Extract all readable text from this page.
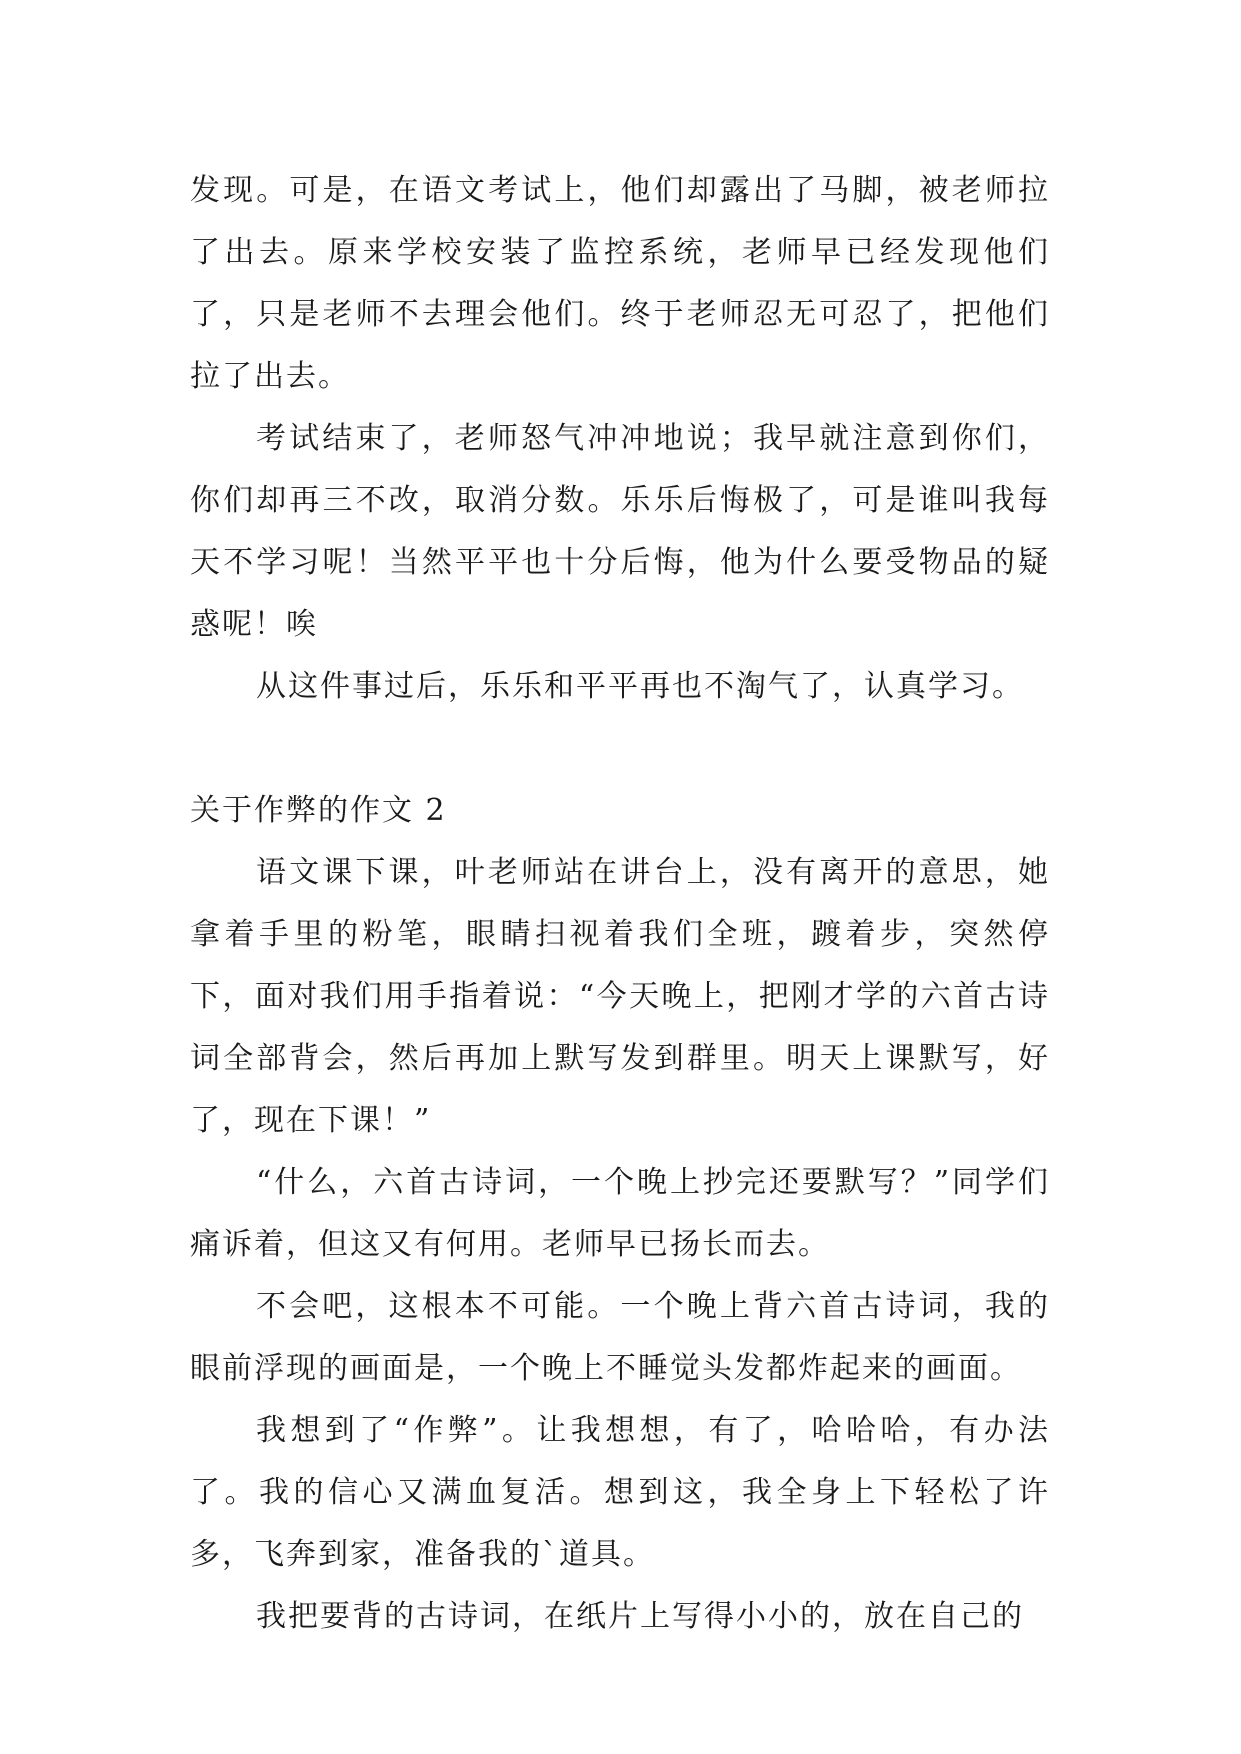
发现。可是，在语文考试上，他们却露出了马脚，被老师拉了出去。原来学校安装了监控系统，老师早已经发现他们了，只是老师不去理会他们。终于老师忍无可忍了，把他们拉了出去。

考试结束了，老师怒气冲冲地说；我早就注意到你们，你们却再三不改，取消分数。乐乐后悔极了，可是谁叫我每天不学习呢！当然平平也十分后悔，他为什么要受物品的疑惑呢！唉

从这件事过后，乐乐和平平再也不淘气了，认真学习。

关于作弊的作文 2

语文课下课，叶老师站在讲台上，没有离开的意思，她拿着手里的粉笔，眼睛扫视着我们全班，踱着步，突然停下，面对我们用手指着说：“今天晚上，把刚才学的六首古诗词全部背会，然后再加上默写发到群里。明天上课默写，好了，现在下课！”

“什么，六首古诗词，一个晚上抄完还要默写？”同学们痛诉着，但这又有何用。老师早已扬长而去。

不会吧，这根本不可能。一个晚上背六首古诗词，我的眼前浮现的画面是，一个晚上不睡觉头发都炸起来的画面。

我想到了“作弊”。让我想想，有了，哈哈哈，有办法了。我的信心又满血复活。想到这，我全身上下轻松了许多，飞奔到家，准备我的`道具。

我把要背的古诗词，在纸片上写得小小的，放在自己的
